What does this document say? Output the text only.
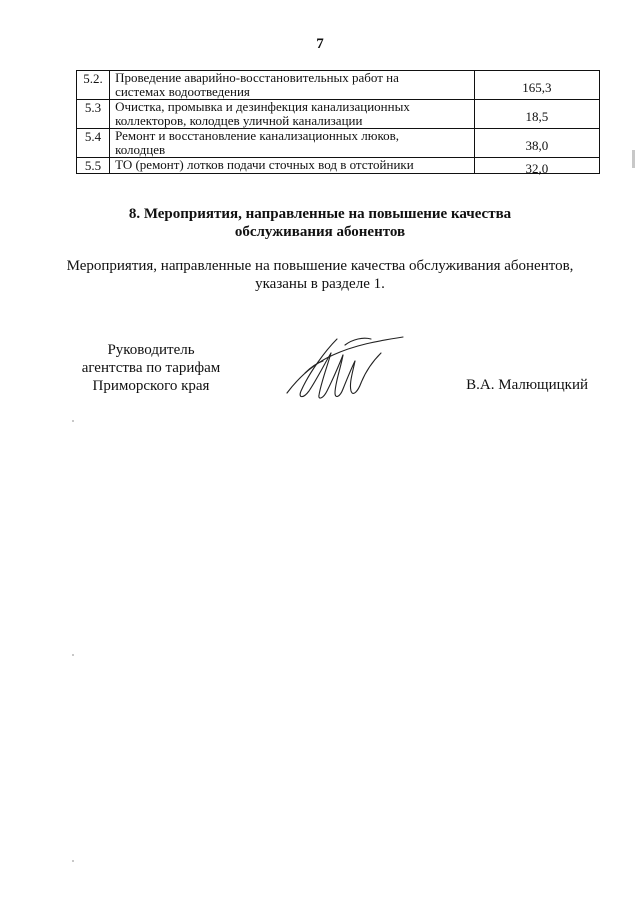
7
5.2.	Проведение аварийно-восстановительных работ на
системах водоотведения	165,3
5.3	Очистка, промывка и дезинфекция канализационных
коллекторов, колодцев уличной канализации	18,5
5.4	Ремонт и восстановление канализационных люков,
колодцев	38,0
5.5	ТО (ремонт) лотков подачи сточных вод в отстойники	32,0
8. Мероприятия, направленные на повышение качества
обслуживания абонентов
Мероприятия, направленные на повышение качества обслуживания абонентов,
указаны в разделе 1.
Руководитель
агентства по тарифам
Приморского края	В.А. Малющицкий
